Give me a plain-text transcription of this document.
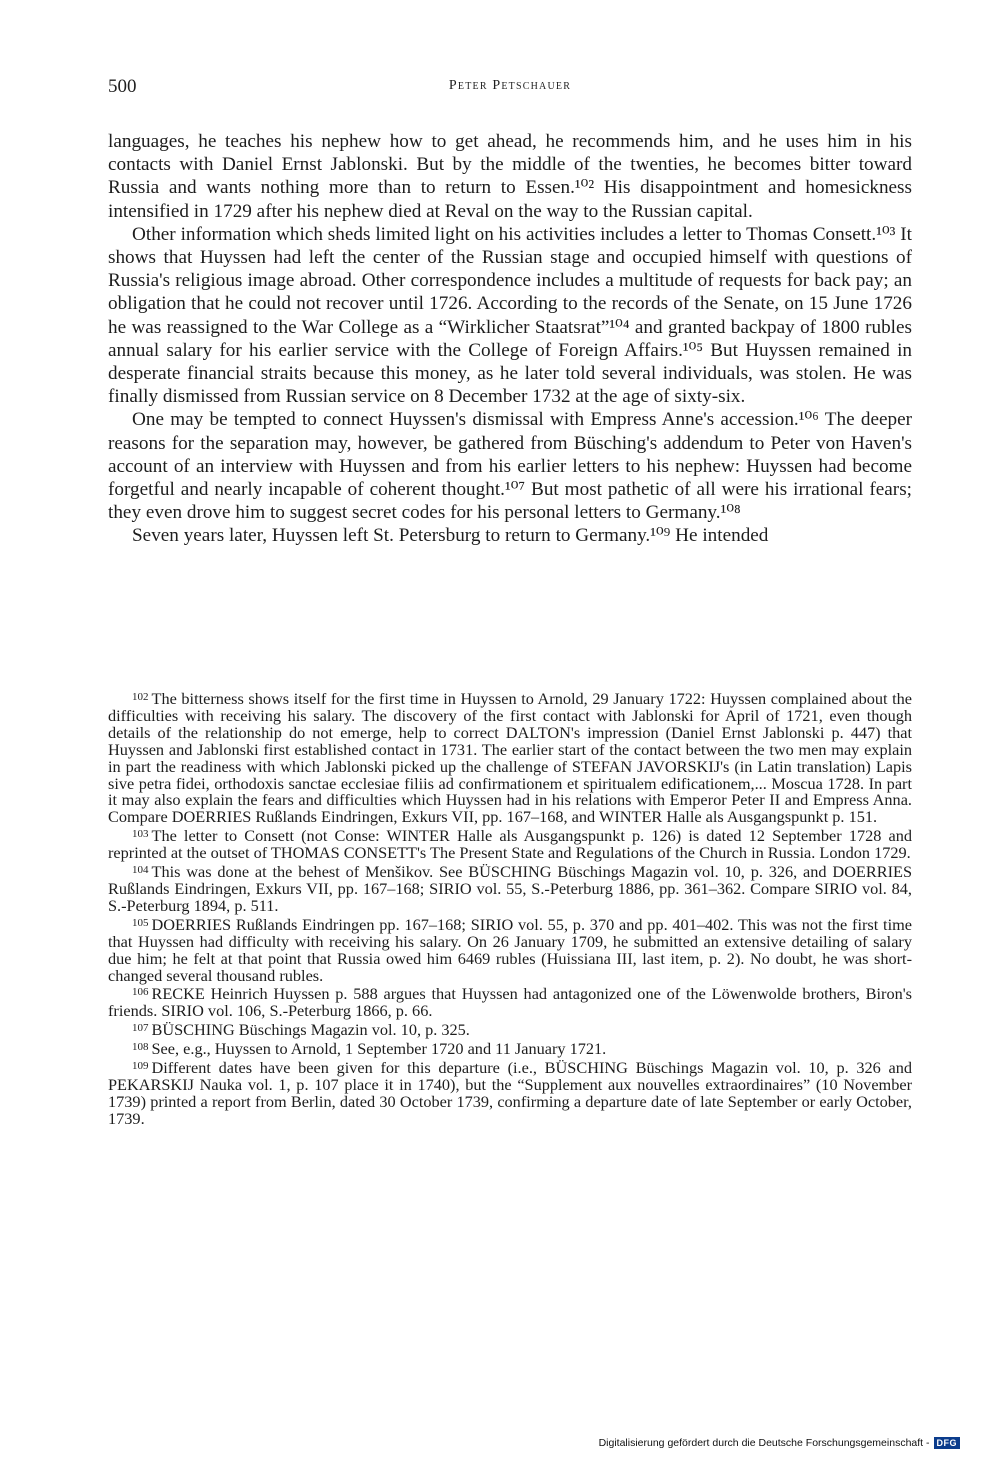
500	Peter Petschauer

languages, he teaches his nephew how to get ahead, he recommends him, and he uses him in his contacts with Daniel Ernst Jablonski. But by the middle of the twenties, he becomes bitter toward Russia and wants nothing more than to return to Essen.¹⁰² His disappointment and homesickness intensified in 1729 after his nephew died at Reval on the way to the Russian capital.

Other information which sheds limited light on his activities includes a letter to Thomas Consett.¹⁰³ It shows that Huyssen had left the center of the Russian stage and occupied himself with questions of Russia's religious image abroad. Other correspondence includes a multitude of requests for back pay; an obligation that he could not recover until 1726. According to the records of the Senate, on 15 June 1726 he was reassigned to the War College as a “Wirklicher Staatsrat”¹⁰⁴ and granted backpay of 1800 rubles annual salary for his earlier service with the College of Foreign Affairs.¹⁰⁵ But Huyssen remained in desperate financial straits because this money, as he later told several individuals, was stolen. He was finally dismissed from Russian service on 8 December 1732 at the age of sixty-six.

One may be tempted to connect Huyssen's dismissal with Empress Anne's accession.¹⁰⁶ The deeper reasons for the separation may, however, be gathered from Büsching's addendum to Peter von Haven's account of an interview with Huyssen and from his earlier letters to his nephew: Huyssen had become forgetful and nearly incapable of coherent thought.¹⁰⁷ But most pathetic of all were his irrational fears; they even drove him to suggest secret codes for his personal letters to Germany.¹⁰⁸

Seven years later, Huyssen left St. Petersburg to return to Germany.¹⁰⁹ He intended

$^{102}$ The bitterness shows itself for the first time in Huyssen to Arnold, 29 January 1722: Huyssen complained about the difficulties with receiving his salary. The discovery of the first contact with Jablonski for April of 1721, even though details of the relationship do not emerge, help to correct DALTON's impression (Daniel Ernst Jablonski p. 447) that Huyssen and Jablonski first established contact in 1731. The earlier start of the contact between the two men may explain in part the readiness with which Jablonski picked up the challenge of STEFAN JAVORSKIJ's (in Latin translation) Lapis sive petra fidei, orthodoxis sanctae ecclesiae filiis ad confirmationem et spiritualem edificationem,... Moscua 1728. In part it may also explain the fears and difficulties which Huyssen had in his relations with Emperor Peter II and Empress Anna. Compare DOERRIES Rußlands Eindringen, Exkurs VII, pp. 167–168, and WINTER Halle als Ausgangspunkt p. 151.

$^{103}$ The letter to Consett (not Conse: WINTER Halle als Ausgangspunkt p. 126) is dated 12 September 1728 and reprinted at the outset of THOMAS CONSETT's The Present State and Regulations of the Church in Russia. London 1729.

$^{104}$ This was done at the behest of Menšikov. See BÜSCHING Büschings Magazin vol. 10, p. 326, and DOERRIES Rußlands Eindringen, Exkurs VII, pp. 167–168; SIRIO vol. 55, S.-Peterburg 1886, pp. 361–362. Compare SIRIO vol. 84, S.-Peterburg 1894, p. 511.

$^{105}$ DOERRIES Rußlands Eindringen pp. 167–168; SIRIO vol. 55, p. 370 and pp. 401–402. This was not the first time that Huyssen had difficulty with receiving his salary. On 26 January 1709, he submitted an extensive detailing of salary due him; he felt at that point that Russia owed him 6469 rubles (Huissiana III, last item, p. 2). No doubt, he was short-changed several thousand rubles.

$^{106}$ RECKE Heinrich Huyssen p. 588 argues that Huyssen had antagonized one of the Löwenwolde brothers, Biron's friends. SIRIO vol. 106, S.-Peterburg 1866, p. 66.

$^{107}$ BÜSCHING Büschings Magazin vol. 10, p. 325.

$^{108}$ See, e.g., Huyssen to Arnold, 1 September 1720 and 11 January 1721.

$^{109}$ Different dates have been given for this departure (i.e., BÜSCHING Büschings Magazin vol. 10, p. 326 and PEKARSKIJ Nauka vol. 1, p. 107 place it in 1740), but the “Supplement aux nouvelles extraordinaires” (10 November 1739) printed a report from Berlin, dated 30 October 1739, confirming a departure date of late September or early October, 1739.

Digitalisierung gefördert durch die Deutsche Forschungsgemeinschaft - DFG
